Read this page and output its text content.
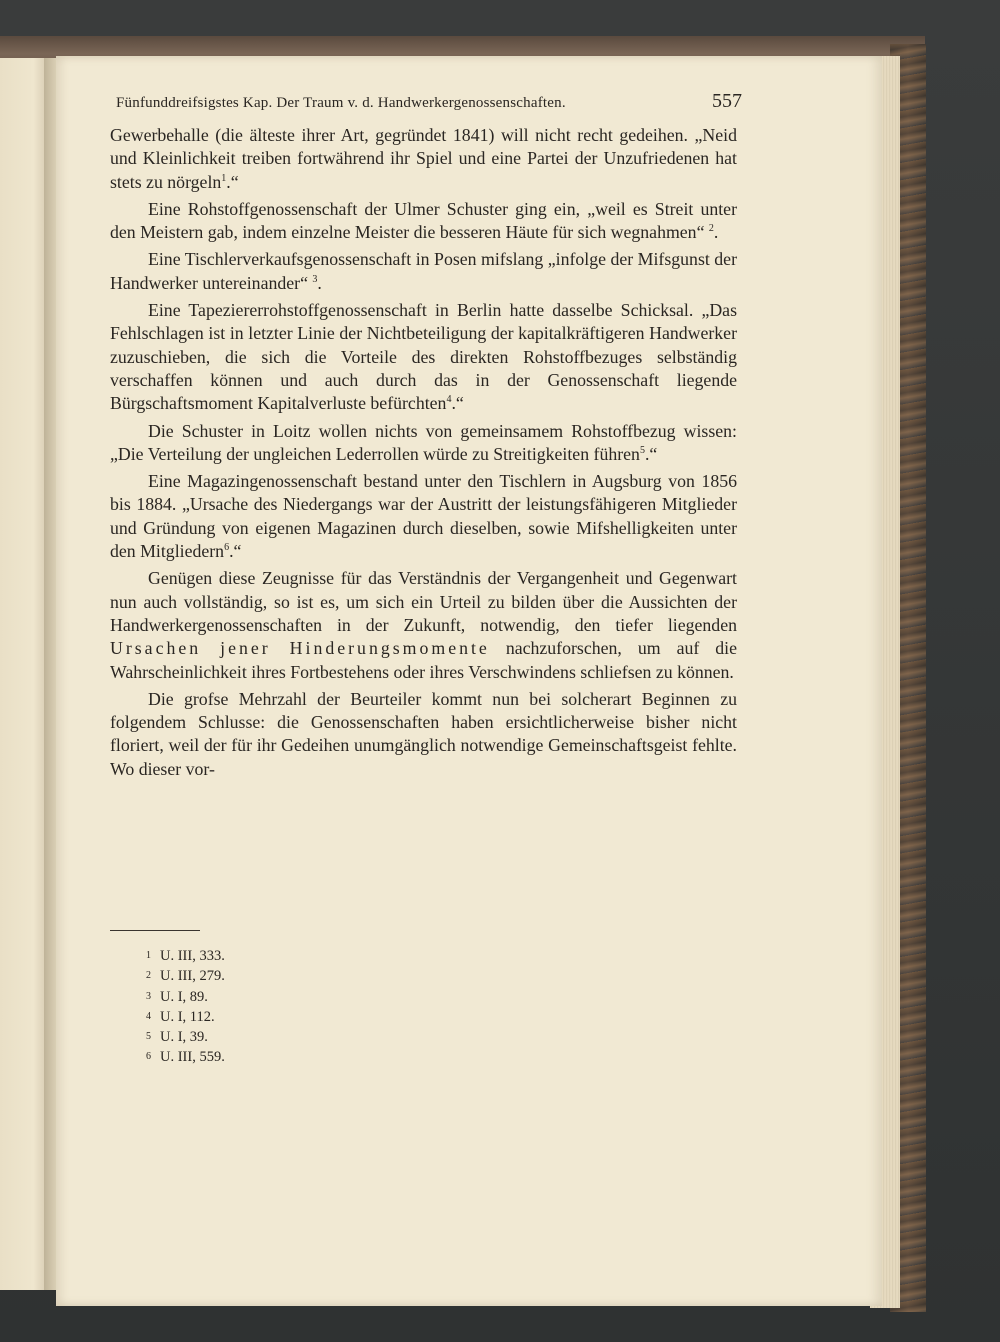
Fünfunddreifsigstes Kap. Der Traum v. d. Handwerkergenossenschaften.	557

Gewerbehalle (die älteste ihrer Art, gegründet 1841) will nicht recht gedeihen. „Neid und Kleinlichkeit treiben fortwährend ihr Spiel und eine Partei der Unzufriedenen hat stets zu nörgeln$^1$.“

Eine Rohstoffgenossenschaft der Ulmer Schuster ging ein, „weil es Streit unter den Meistern gab, indem einzelne Meister die besseren Häute für sich wegnahmen“ $^2$.

Eine Tischlerverkaufsgenossenschaft in Posen mifslang „infolge der Mifsgunst der Handwerker untereinander“ $^3$.

Eine Tapeziererrohstoffgenossenschaft in Berlin hatte dasselbe Schicksal. „Das Fehlschlagen ist in letzter Linie der Nichtbeteiligung der kapitalkräftigeren Handwerker zuzuschieben, die sich die Vorteile des direkten Rohstoffbezuges selbständig verschaffen können und auch durch das in der Genossenschaft liegende Bürgschaftsmoment Kapitalverluste befürchten$^4$.“

Die Schuster in Loitz wollen nichts von gemeinsamem Rohstoffbezug wissen: „Die Verteilung der ungleichen Lederrollen würde zu Streitigkeiten führen$^5$.“

Eine Magazingenossenschaft bestand unter den Tischlern in Augsburg von 1856 bis 1884. „Ursache des Niedergangs war der Austritt der leistungsfähigeren Mitglieder und Gründung von eigenen Magazinen durch dieselben, sowie Mifshelligkeiten unter den Mitgliedern$^6$.“

Genügen diese Zeugnisse für das Verständnis der Vergangenheit und Gegenwart nun auch vollständig, so ist es, um sich ein Urteil zu bilden über die Aussichten der Handwerkergenossenschaften in der Zukunft, notwendig, den tiefer liegenden Ursachen jener Hinderungsmomente nachzuforschen, um auf die Wahrscheinlichkeit ihres Fortbestehens oder ihres Verschwindens schliefsen zu können.

Die grofse Mehrzahl der Beurteiler kommt nun bei solcherart Beginnen zu folgendem Schlusse: die Genossenschaften haben ersichtlicherweise bisher nicht floriert, weil der für ihr Gedeihen unumgänglich notwendige Gemeinschaftsgeist fehlte. Wo dieser vor-

1 U. III, 333.
2 U. III, 279.
3 U. I, 89.
4 U. I, 112.
5 U. I, 39.
6 U. III, 559.
